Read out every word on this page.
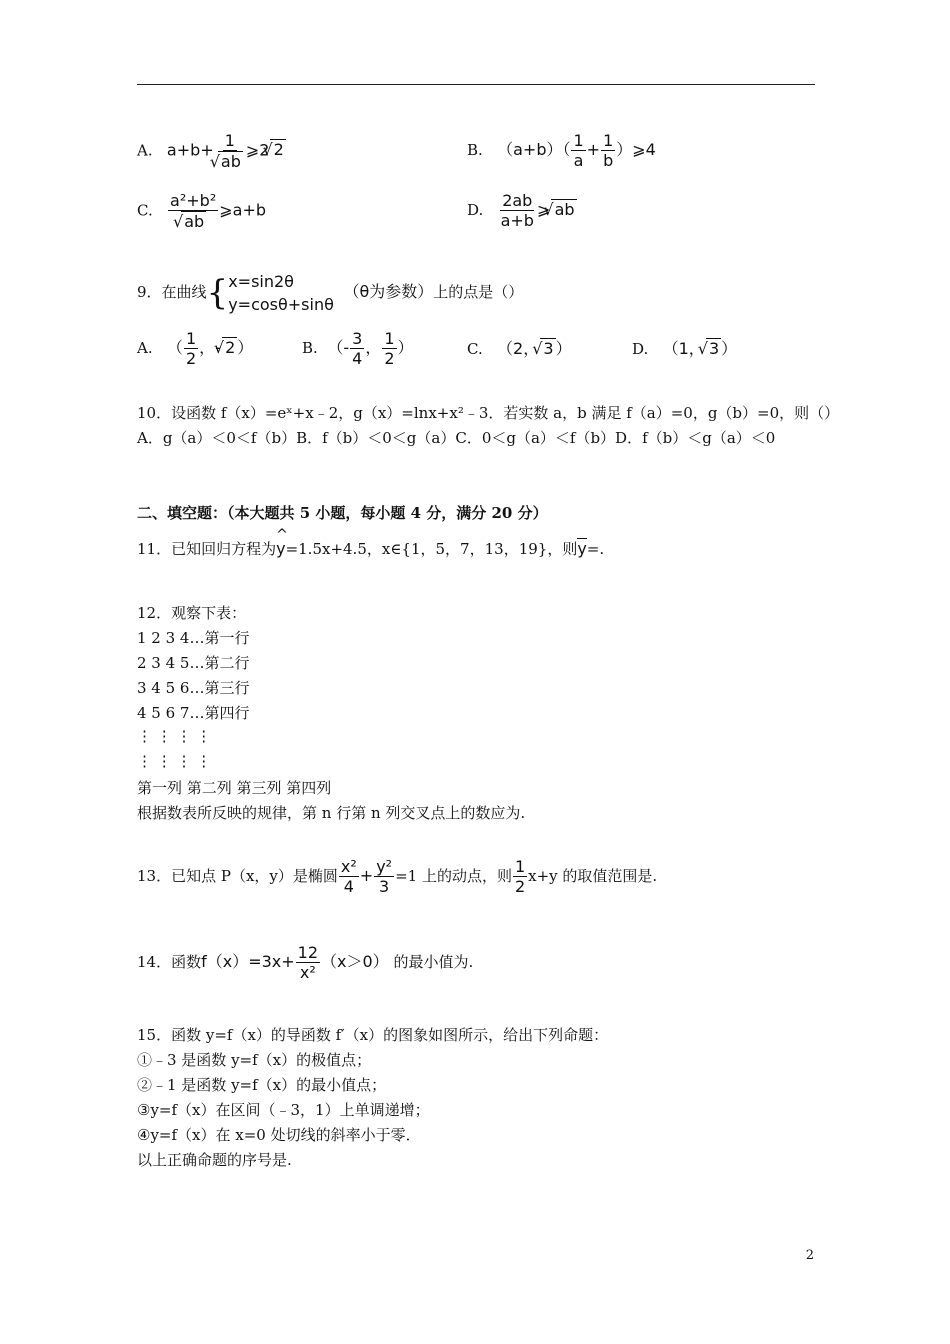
A. a+b+ 1
√ ab ⩾2 √ 2	B. $(a+b)( \frac{1}{a} + \frac{1}{b}$ ）⩾4
C. a²+b²
√ ab ⩾a+b	D. $\frac{2ab}{a+b}$ ⩾ √ ab
9．在曲线{ x=sin2θ
y=cosθ+sinθ
（θ为参数）上的点是（）
A. （ $\frac{1}{2}$ ，- √ 2 ）	B. （- $\frac{3}{4}$ ， $\frac{1}{2}$ ）	C. （2， √ 3 ）	D. （1， √ 3 ）
10．设函数 f（x）=eˣ+x﹣2，g（x）=lnx+x²﹣3．若实数 a，b 满足 f（a）=0，g（b）=0，则（）
A．g（a）＜0＜f（b）B．f（b）＜0＜g（a）C．0＜g（a）＜f（b）D．f（b）＜g（a）＜0
二、填空题：（本大题共 5 小题，每小题 4 分，满分 20 分）
11．已知回归方程为^ y=1.5x+4.5，x∈{1，5，7，13，19}，则y=.
12．观察下表：
1 2 3 4…第一行
2 3 4 5…第二行
3 4 5 6…第三行
4 5 6 7…第四行
⋮ ⋮ ⋮ ⋮
⋮ ⋮ ⋮ ⋮
第一列 第二列 第三列 第四列
根据数表所反映的规律，第 n 行第 n 列交叉点上的数应为.
13．已知点 P（x，y）是椭圆 $\frac{\text{x²}}{4} + \frac{\text{y²}}{3} =1$ 上的动点，则 $\frac{1}{2} x+y$ 的取值范围是.
14．函数$f(x)=3x+ \frac{12}{\text{x²}} (x>0)$ 的最小值为.
15．函数 y=f（x）的导函数 f′（x）的图象如图所示，给出下列命题：
①﹣3 是函数 y=f（x）的极值点；
②﹣1 是函数 y=f（x）的最小值点；
③y=f（x）在区间（﹣3，1）上单调递增；
④y=f（x）在 x=0 处切线的斜率小于零．
以上正确命题的序号是.
2
